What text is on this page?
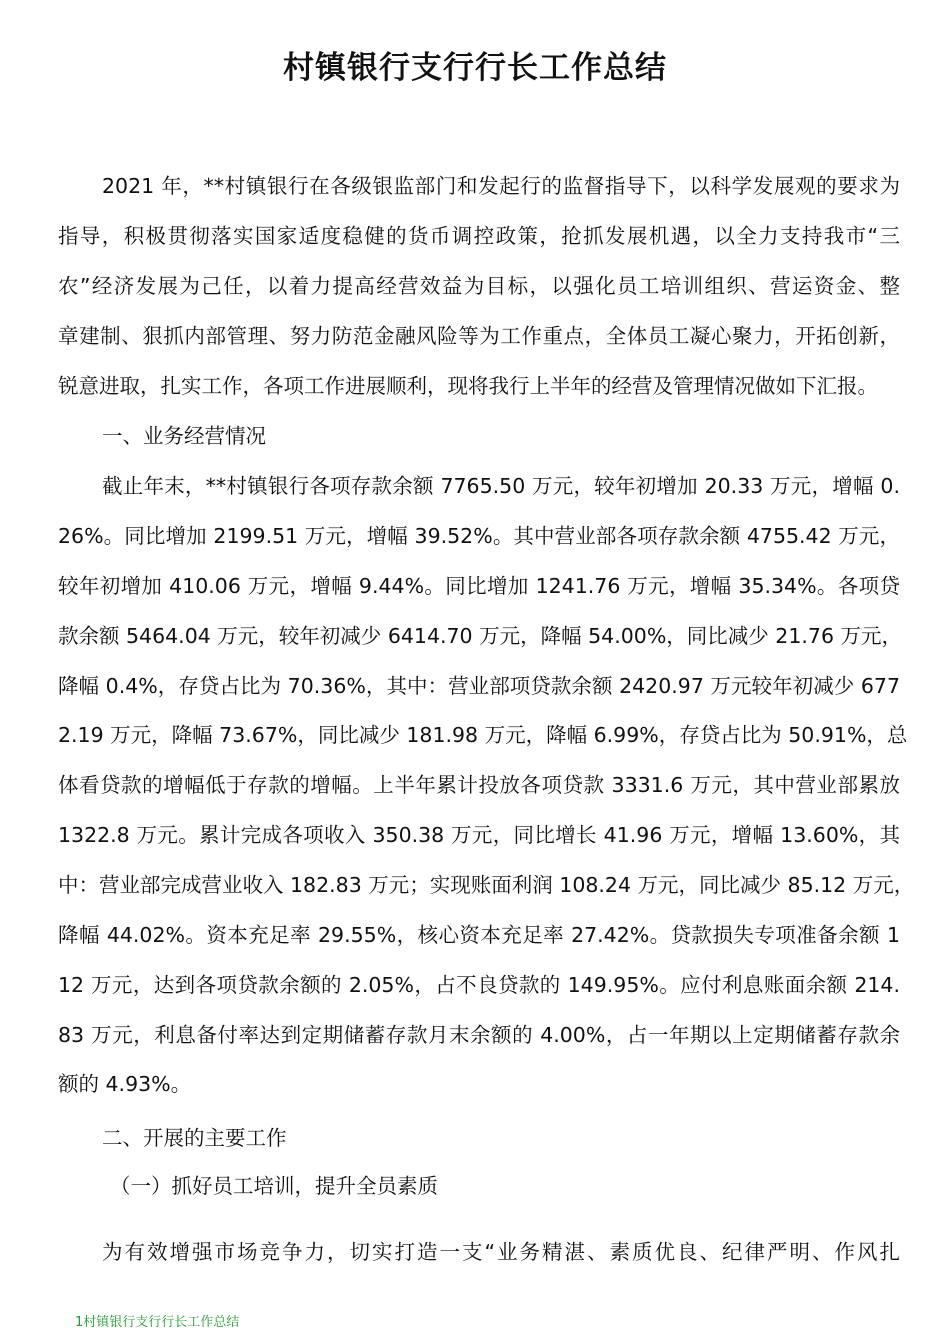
村镇银行支行行长工作总结

2021 年，**村镇银行在各级银监部门和发起行的监督指导下，以科学发展观的要求为

指导，积极贯彻落实国家适度稳健的货币调控政策，抢抓发展机遇，以全力支持我市“三

农”经济发展为己任，以着力提高经营效益为目标，以强化员工培训组织、营运资金、整

章建制、狠抓内部管理、努力防范金融风险等为工作重点，全体员工凝心聚力，开拓创新，

锐意进取，扎实工作，各项工作进展顺利，现将我行上半年的经营及管理情况做如下汇报。

一、业务经营情况

截止年末，**村镇银行各项存款余额 7765.50 万元，较年初增加 20.33 万元，增幅 0.

26%。同比增加 2199.51 万元，增幅 39.52%。其中营业部各项存款余额 4755.42 万元，

较年初增加 410.06 万元，增幅 9.44%。同比增加 1241.76 万元，增幅 35.34%。各项贷

款余额 5464.04 万元，较年初减少 6414.70 万元，降幅 54.00%，同比减少 21.76 万元，

降幅 0.4%，存贷占比为 70.36%，其中：营业部项贷款余额 2420.97 万元较年初减少 677

2.19 万元，降幅 73.67%，同比减少 181.98 万元，降幅 6.99%，存贷占比为 50.91%，总

体看贷款的增幅低于存款的增幅。上半年累计投放各项贷款 3331.6 万元，其中营业部累放

1322.8 万元。累计完成各项收入 350.38 万元，同比增长 41.96 万元，增幅 13.60%，其

中：营业部完成营业收入 182.83 万元；实现账面利润 108.24 万元，同比减少 85.12 万元，

降幅 44.02%。资本充足率 29.55%，核心资本充足率 27.42%。贷款损失专项准备余额 1

12 万元，达到各项贷款余额的 2.05%，占不良贷款的 149.95%。应付利息账面余额 214.

83 万元，利息备付率达到定期储蓄存款月末余额的 4.00%，占一年期以上定期储蓄存款余

额的 4.93%。

二、开展的主要工作

（一）抓好员工培训，提升全员素质

为有效增强市场竞争力，切实打造一支“业务精湛、素质优良、纪律严明、作风扎

1村镇银行支行行长工作总结
